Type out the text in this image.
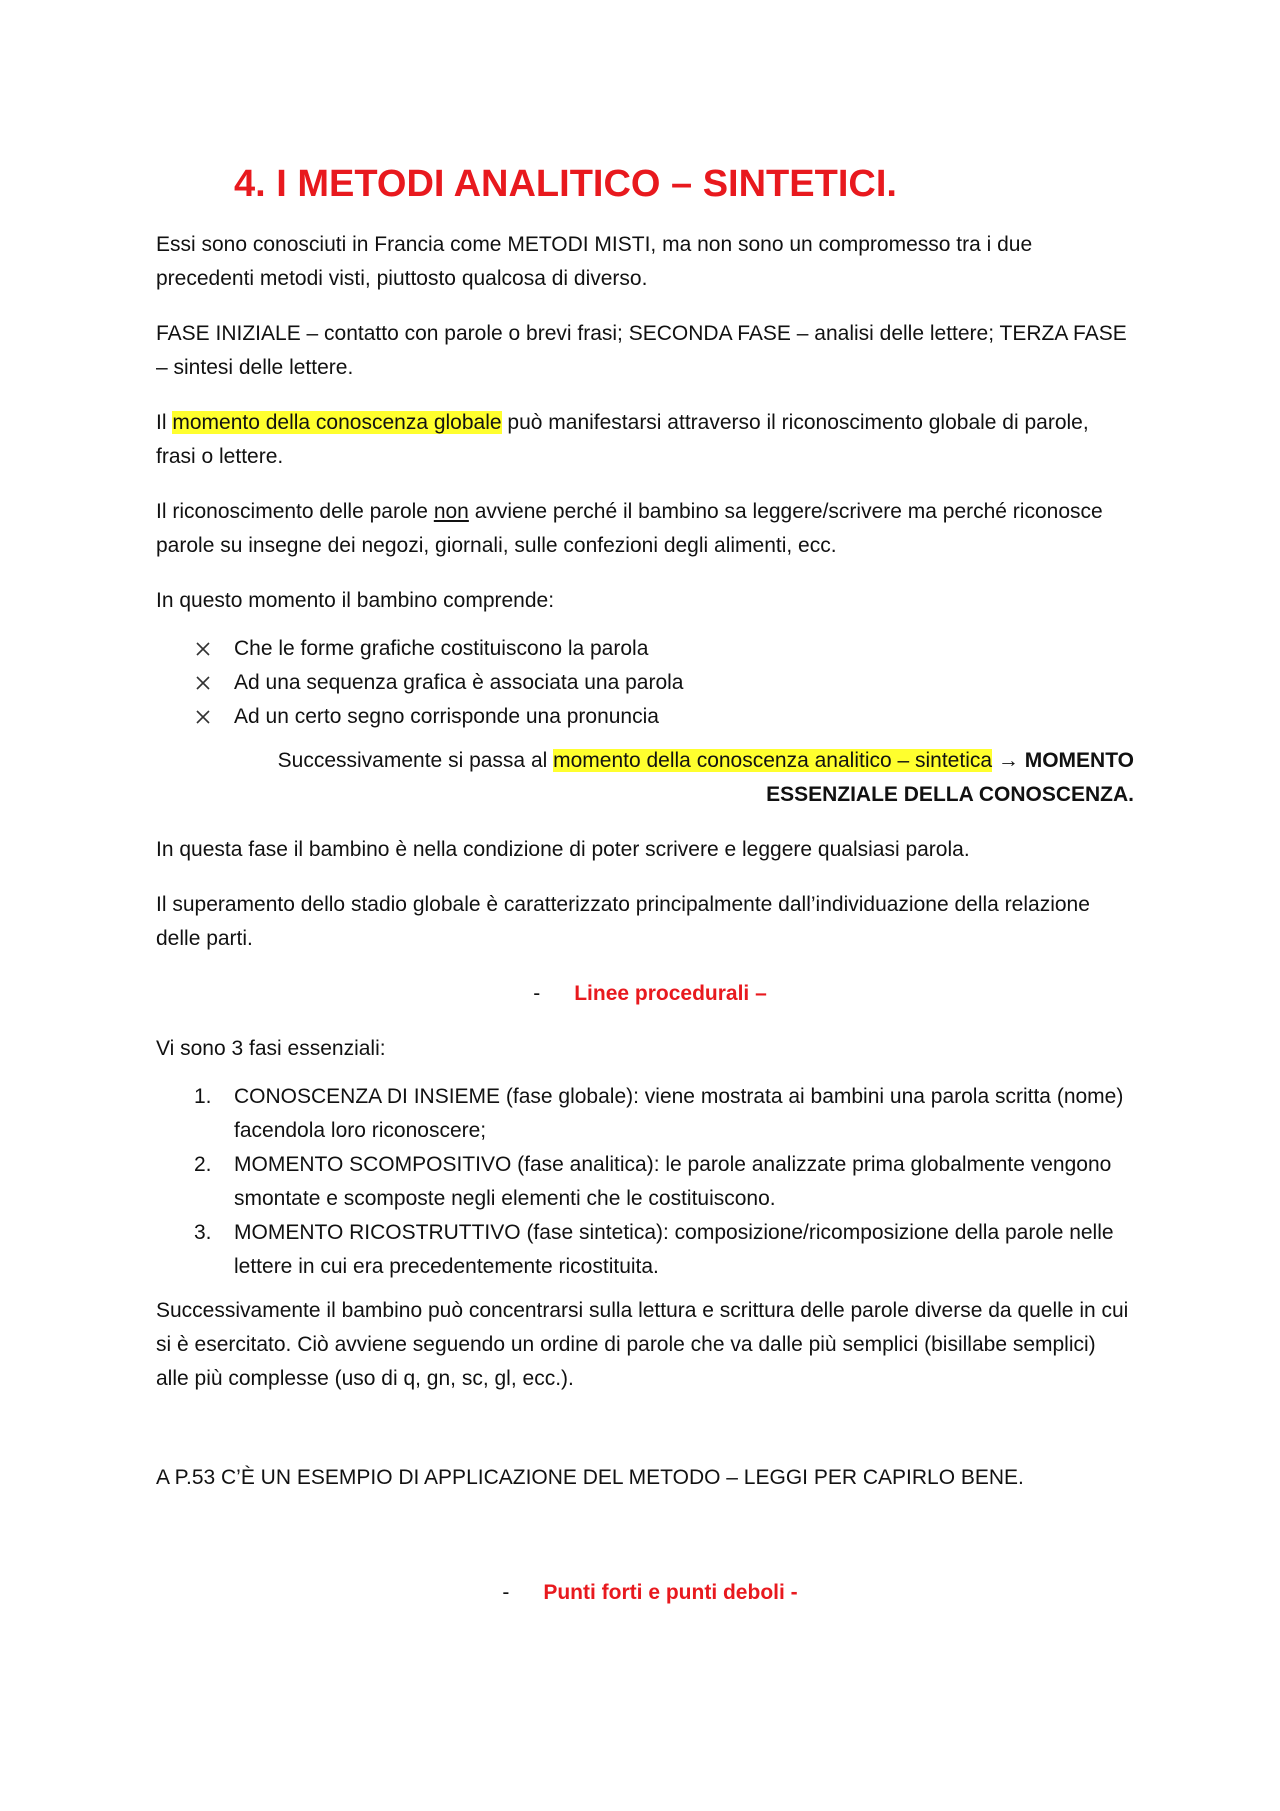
4. I METODI ANALITICO – SINTETICI.

Essi sono conosciuti in Francia come METODI MISTI, ma non sono un compromesso tra i due precedenti metodi visti, piuttosto qualcosa di diverso.

FASE INIZIALE – contatto con parole o brevi frasi; SECONDA FASE – analisi delle lettere; TERZA FASE – sintesi delle lettere.

Il momento della conoscenza globale può manifestarsi attraverso il riconoscimento globale di parole, frasi o lettere.

Il riconoscimento delle parole non avviene perché il bambino sa leggere/scrivere ma perché riconosce parole su insegne dei negozi, giornali, sulle confezioni degli alimenti, ecc.

In questo momento il bambino comprende:

Che le forme grafiche costituiscono la parola
Ad una sequenza grafica è associata una parola
Ad un certo segno corrisponde una pronuncia

Successivamente si passa al momento della conoscenza analitico – sintetica → MOMENTO ESSENZIALE DELLA CONOSCENZA.

In questa fase il bambino è nella condizione di poter scrivere e leggere qualsiasi parola.

Il superamento dello stadio globale è caratterizzato principalmente dall’individuazione della relazione delle parti.

- Linee procedurali –

Vi sono 3 fasi essenziali:

1. CONOSCENZA DI INSIEME (fase globale): viene mostrata ai bambini una parola scritta (nome) facendola loro riconoscere;
2. MOMENTO SCOMPOSITIVO (fase analitica): le parole analizzate prima globalmente vengono smontate e scomposte negli elementi che le costituiscono.
3. MOMENTO RICOSTRUTTIVO (fase sintetica): composizione/ricomposizione della parole nelle lettere in cui era precedentemente ricostituita.

Successivamente il bambino può concentrarsi sulla lettura e scrittura delle parole diverse da quelle in cui si è esercitato. Ciò avviene seguendo un ordine di parole che va dalle più semplici (bisillabe semplici) alle più complesse (uso di q, gn, sc, gl, ecc.).

A P.53 C’È UN ESEMPIO DI APPLICAZIONE DEL METODO – LEGGI PER CAPIRLO BENE.

- Punti forti e punti deboli -
